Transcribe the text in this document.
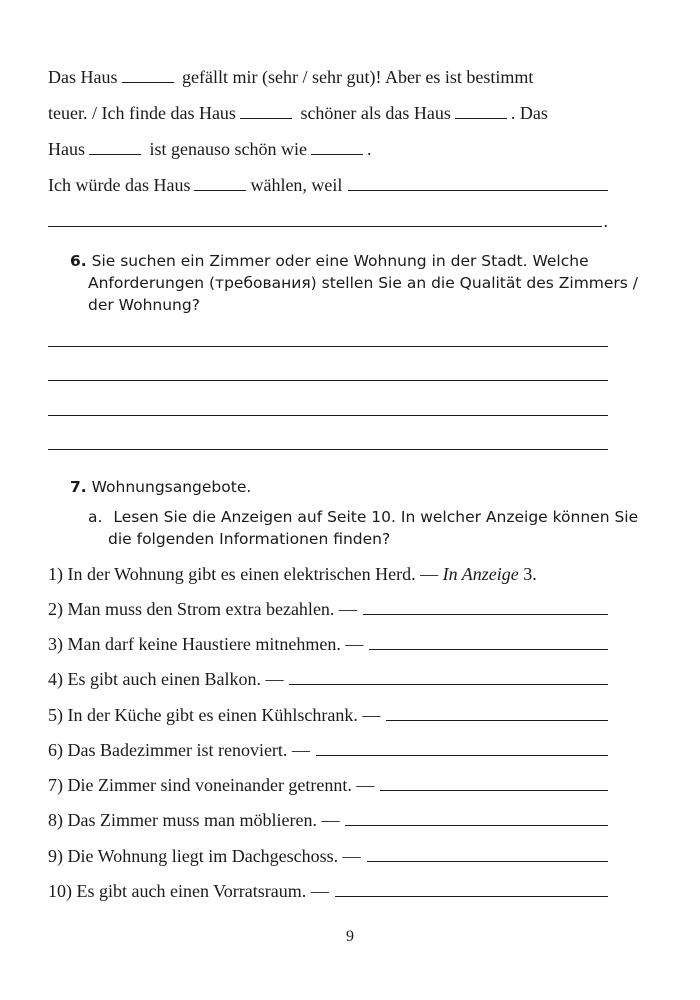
Das Haus	gefällt mir (sehr / sehr gut)! Aber es ist bestimmt
teuer. / Ich finde das Haus	schöner als das Haus	. Das
Haus	ist genauso schön wie	.
Ich würde das Haus	wählen, weil
.
6. Sie suchen ein Zimmer oder eine Wohnung in der Stadt. Welche
Anforderungen (требования) stellen Sie an die Qualität des Zimmers /
der Wohnung?
7. Wohnungsangebote.
a. Lesen Sie die Anzeigen auf Seite 10. In welcher Anzeige können Sie
die folgenden Informationen finden?
1) In der Wohnung gibt es einen elektrischen Herd. — In Anzeige 3.
2) Man muss den Strom extra bezahlen. —
3) Man darf keine Haustiere mitnehmen. —
4) Es gibt auch einen Balkon. —
5) In der Küche gibt es einen Kühlschrank. —
6) Das Badezimmer ist renoviert. —
7) Die Zimmer sind voneinander getrennt. —
8) Das Zimmer muss man möblieren. —
9) Die Wohnung liegt im Dachgeschoss. —
10) Es gibt auch einen Vorratsraum. —
9
